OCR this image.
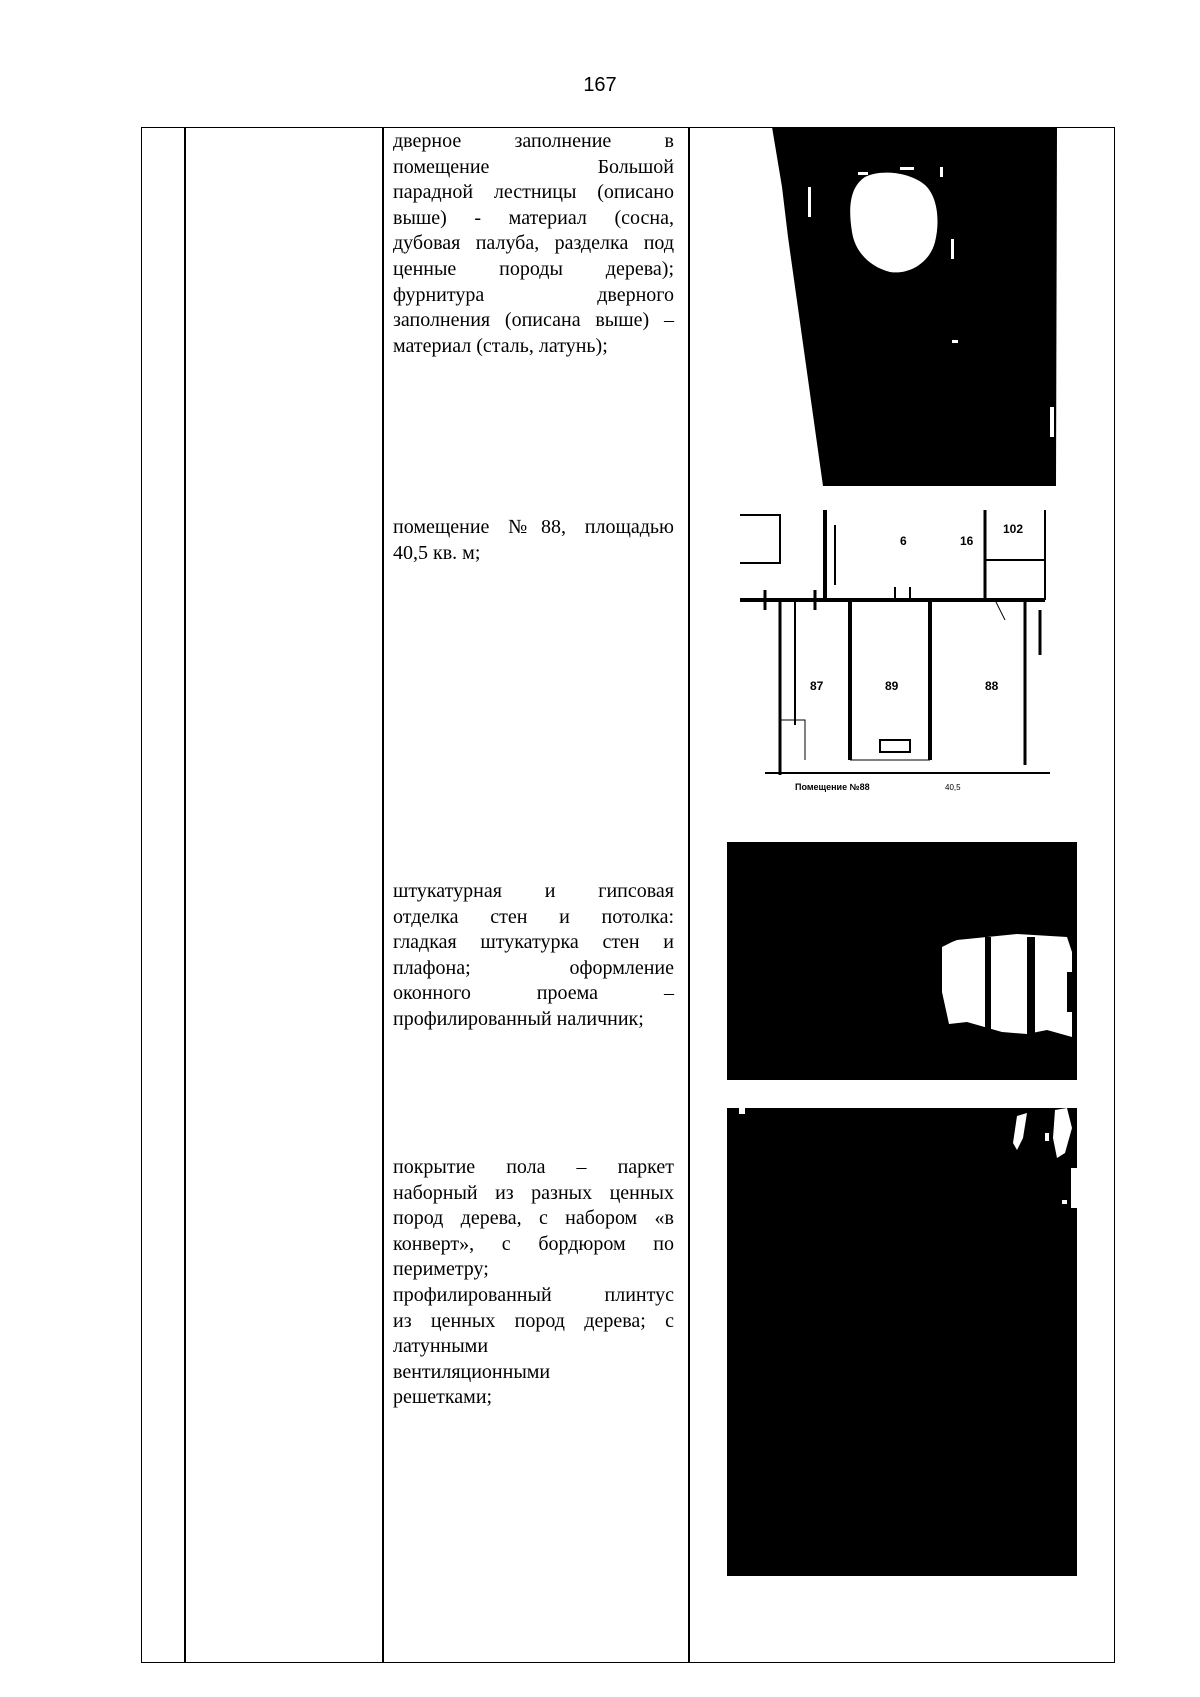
167

дверное заполнение в

помещение Большой

парадной лестницы (описано

выше) - материал (сосна,

дубовая палуба, разделка под

ценные породы дерева);

фурнитура дверного

заполнения (описана выше) –

материал (сталь, латунь);

помещение №88, площадью

40,5 кв. м;

87	89	88
102
6	16
Помещение №88	40,5

штукатурная и гипсовая

отделка стен и потолка:

гладкая штукатурка стен и

плафона; оформление

оконного проема –

профилированный наличник;

покрытие пола – паркет

наборный из разных ценных

пород дерева, с набором «в

конверт», с бордюром по

периметру;

профилированный плинтус

из ценных пород дерева; с

латунными

вентиляционными

решетками;
